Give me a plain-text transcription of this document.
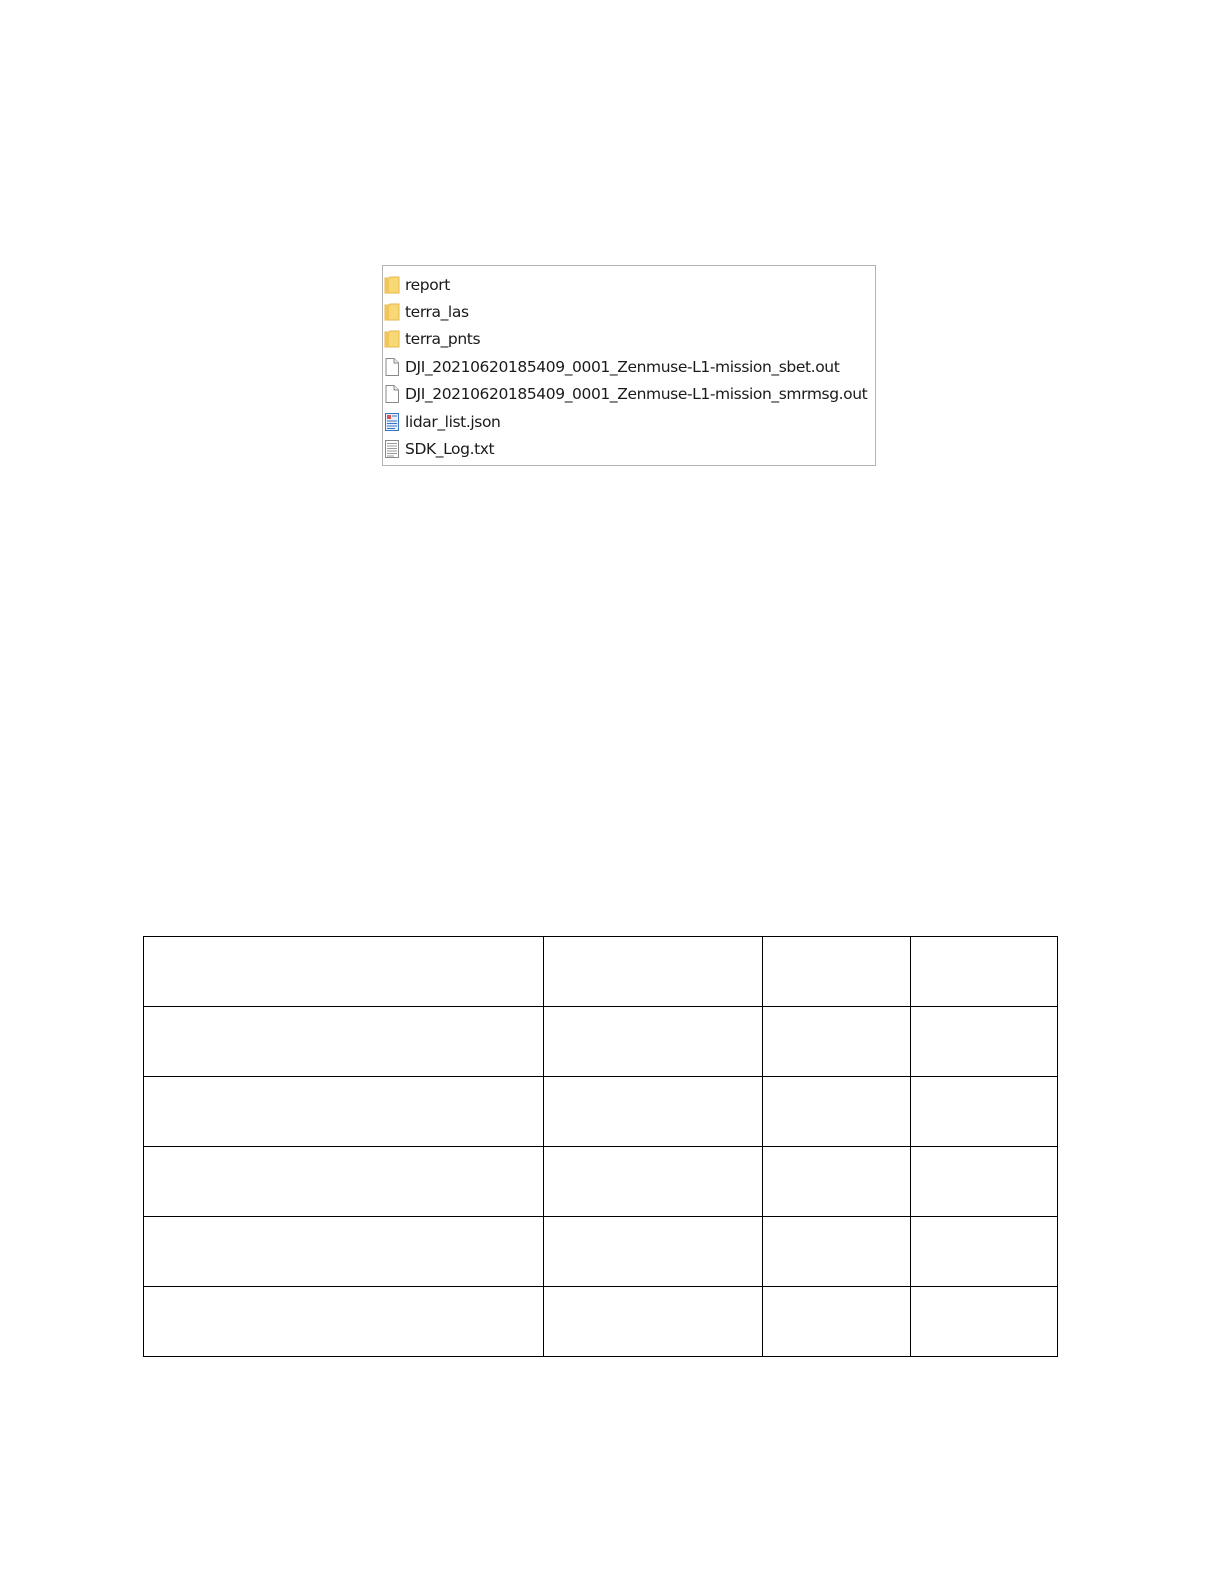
report
terra_las
terra_pnts
DJI_20210620185409_0001_Zenmuse-L1-mission_sbet.out
DJI_20210620185409_0001_Zenmuse-L1-mission_smrmsg.out
lidar_list.json
SDK_Log.txt
